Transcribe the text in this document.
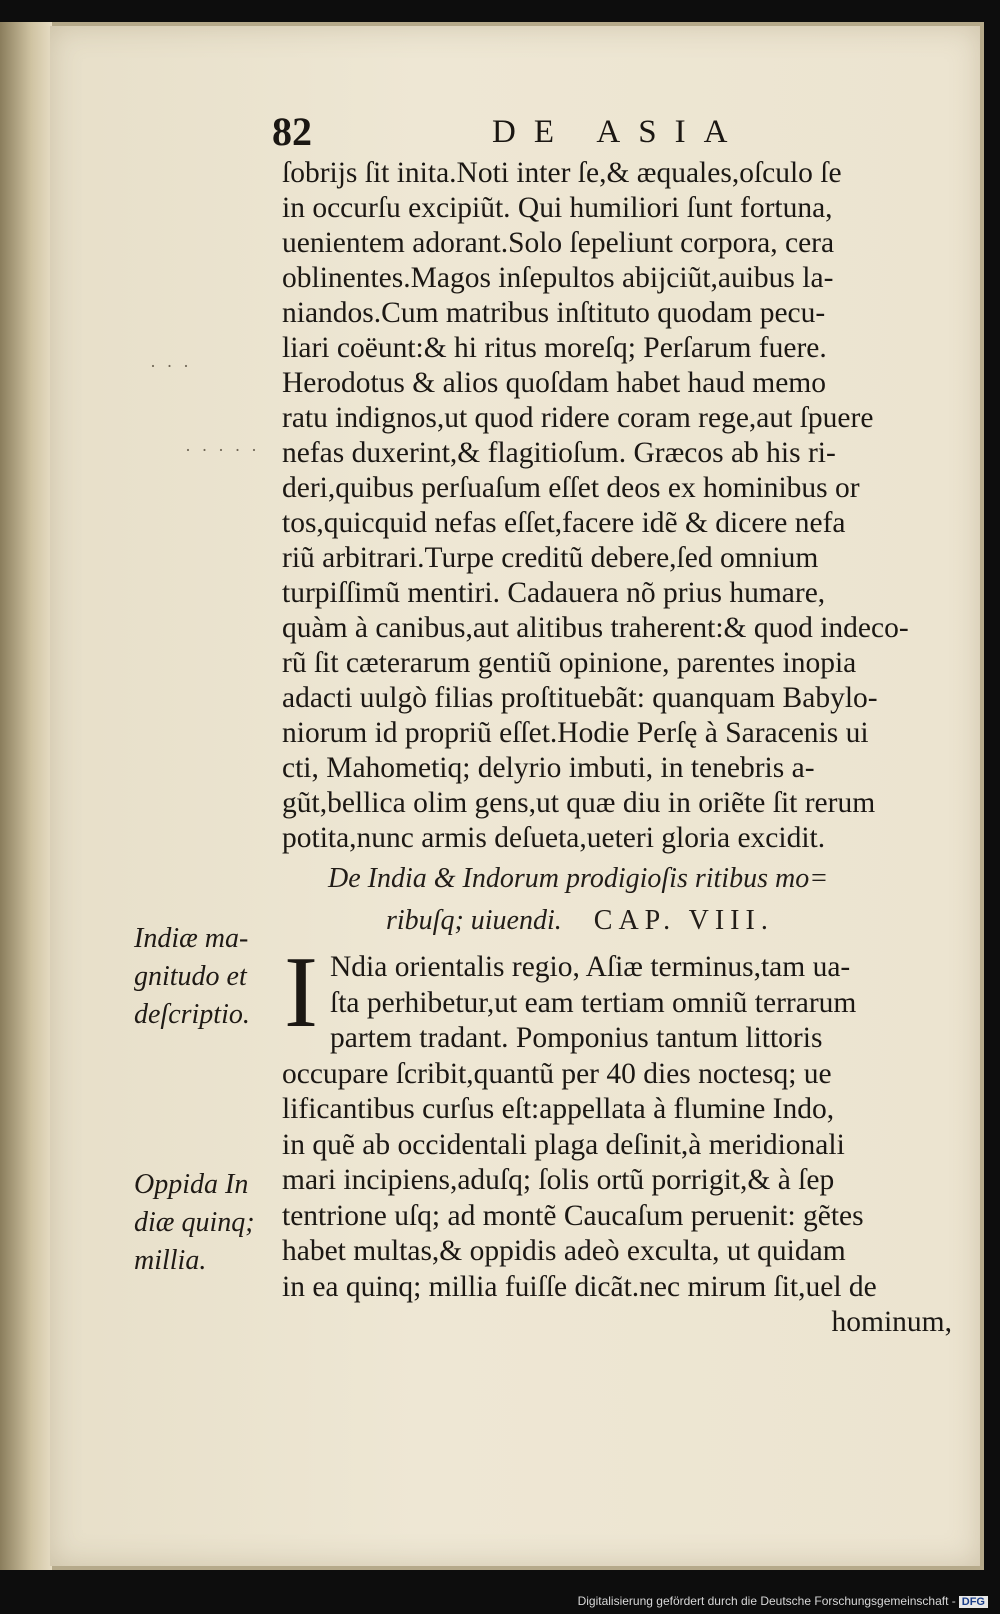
82	DE ASIA
· · ·
· · · · ·
ſobrijs ſit inita.Noti inter ſe,& æquales,oſculo ſe
in occurſu excipiũt. Qui humiliori ſunt fortuna,
uenientem adorant.Solo ſepeliunt corpora, cera
oblinentes.Magos inſepultos abijciũt,auibus la-
niandos.Cum matribus inſtituto quodam pecu-
liari coëunt:& hi ritus moreſq; Perſarum fuere.
Herodotus & alios quoſdam habet haud memo
ratu indignos,ut quod ridere coram rege,aut ſpuere
nefas duxerint,& flagitioſum. Græcos ab his ri-
deri,quibus perſuaſum eſſet deos ex hominibus or
tos,quicquid nefas eſſet,facere idẽ & dicere nefa
riũ arbitrari.Turpe creditũ debere,ſed omnium
turpiſſimũ mentiri. Cadauera nõ prius humare,
quàm à canibus,aut alitibus traherent:& quod indeco-
rũ ſit cæterarum gentiũ opinione, parentes inopia
adacti uulgò filias proſtituebãt: quanquam Babylo-
niorum id propriũ eſſet.Hodie Perſę à Saracenis ui
cti, Mahometiq; delyrio imbuti, in tenebris a-
gũt,bellica olim gens,ut quæ diu in oriẽte ſit rerum
potita,nunc armis deſueta,ueteri gloria excidit.
De India & Indorum prodigioſis ritibus mo=
ribuſq; uiuendi. CAP. VIII.
Indiæ ma-
gnitudo et
deſcriptio. I Ndia orientalis regio, Aſiæ terminus,tam ua-
ſta perhibetur,ut eam tertiam omniũ terrarum
partem tradant. Pomponius tantum littoris
occupare ſcribit,quantũ per 40 dies noctesq; ue
lificantibus curſus eſt:appellata à flumine Indo,
in quẽ ab occidentali plaga deſinit,à meridionali
mari incipiens,aduſq; ſolis ortũ porrigit,& à ſep
tentrione uſq; ad montẽ Caucaſum peruenit: gẽtes
habet multas,& oppidis adeò exculta, ut quidam
in ea quinq; millia fuiſſe dicãt.nec mirum ſit,uel de
hominum,
Oppida In
diæ quinq;
millia.
Digitalisierung gefördert durch die Deutsche Forschungsgemeinschaft - DFG
